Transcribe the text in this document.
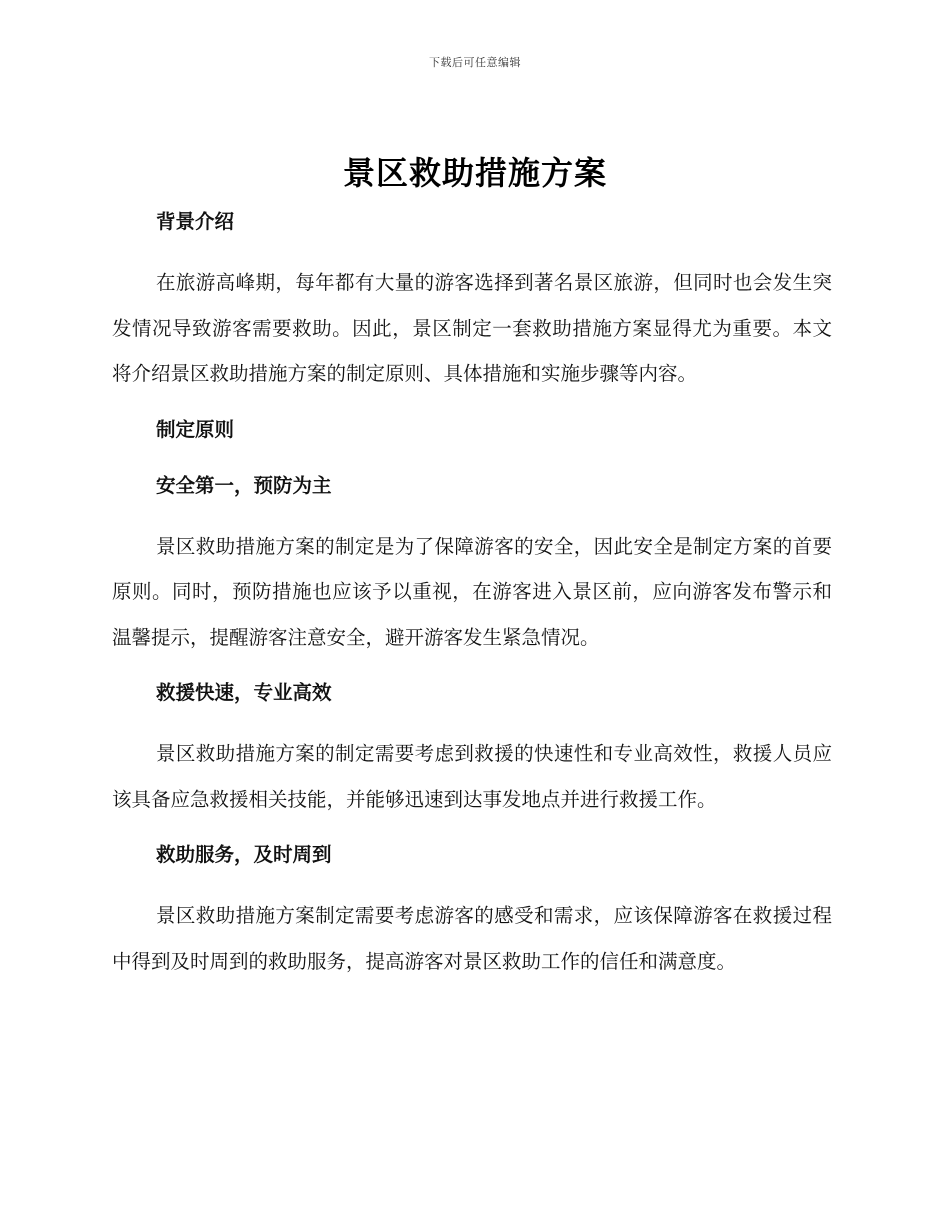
下载后可任意编辑
景区救助措施方案
背景介绍

在旅游高峰期，每年都有大量的游客选择到著名景区旅游，但同时也会发生突发情况导致游客需要救助。因此，景区制定一套救助措施方案显得尤为重要。本文将介绍景区救助措施方案的制定原则、具体措施和实施步骤等内容。

制定原则
安全第一，预防为主

景区救助措施方案的制定是为了保障游客的安全，因此安全是制定方案的首要原则。同时，预防措施也应该予以重视，在游客进入景区前，应向游客发布警示和温馨提示，提醒游客注意安全，避开游客发生紧急情况。

救援快速，专业高效

景区救助措施方案的制定需要考虑到救援的快速性和专业高效性，救援人员应该具备应急救援相关技能，并能够迅速到达事发地点并进行救援工作。

救助服务，及时周到

景区救助措施方案制定需要考虑游客的感受和需求，应该保障游客在救援过程中得到及时周到的救助服务，提高游客对景区救助工作的信任和满意度。
